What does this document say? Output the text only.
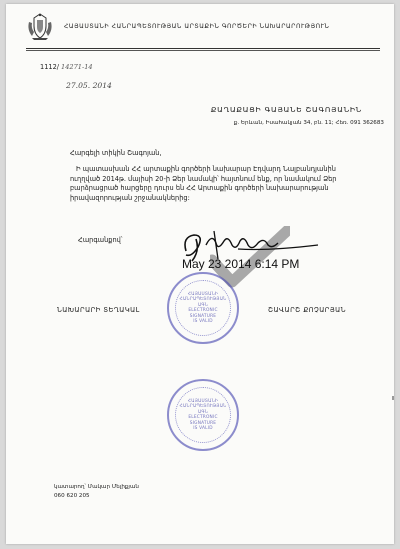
ՀԱՅԱՍՏԱՆԻ ՀԱՆՐԱՊԵՏՈՒԹՅԱՆ ԱՐՏԱՔԻՆ ԳՈՐԾԵՐԻ ՆԱԽԱՐԱՐՈՒԹՅՈՒՆ
1112/ 14271-14
27.05. 2014
ՔԱՂԱՔԱՑԻ ԳԱՅԱՆԵ ՇԱԳՈՅԱՆԻՆ
ք. Երևան, Իսահակյան 34, բն. 11; Հեռ. 091 362683
Հարգելի տիկին Շագոյան,
Ի պատասխան ՀՀ արտաքին գործերի նախարար Էդվարդ Նալբանդյանին
ուղղված 2014թ. մայիսի 20-ի Ձեր նամակի՝ հայտնում ենք, որ նամակում Ձեր
բարձրացրած հարցերը դուրս են ՀՀ Արտաքին գործերի նախարարության
իրավազորության շրջանակներից:
Հարգանքով՝
May 23 2014 6:14 PM
ՀԱՅԱՍՏԱՆԻ
ՀԱՆՐԱՊԵՏՈՒԹՅԱՆ
ԱԳՆ
ELECTRONIC
SIGNATURE
IS VALID
ՆԱԽԱՐԱՐԻ ՏԵՂԱԿԱԼ	ՇԱՎԱՐՇ ՔՈՉԱՐՅԱՆ
ՀԱՅԱՍՏԱՆԻ
ՀԱՆՐԱՊԵՏՈՒԹՅԱՆ
ԱԳՆ
ELECTRONIC
SIGNATURE
IS VALID
կատարող՝ Մակար Մելիքյան
060 620 205
